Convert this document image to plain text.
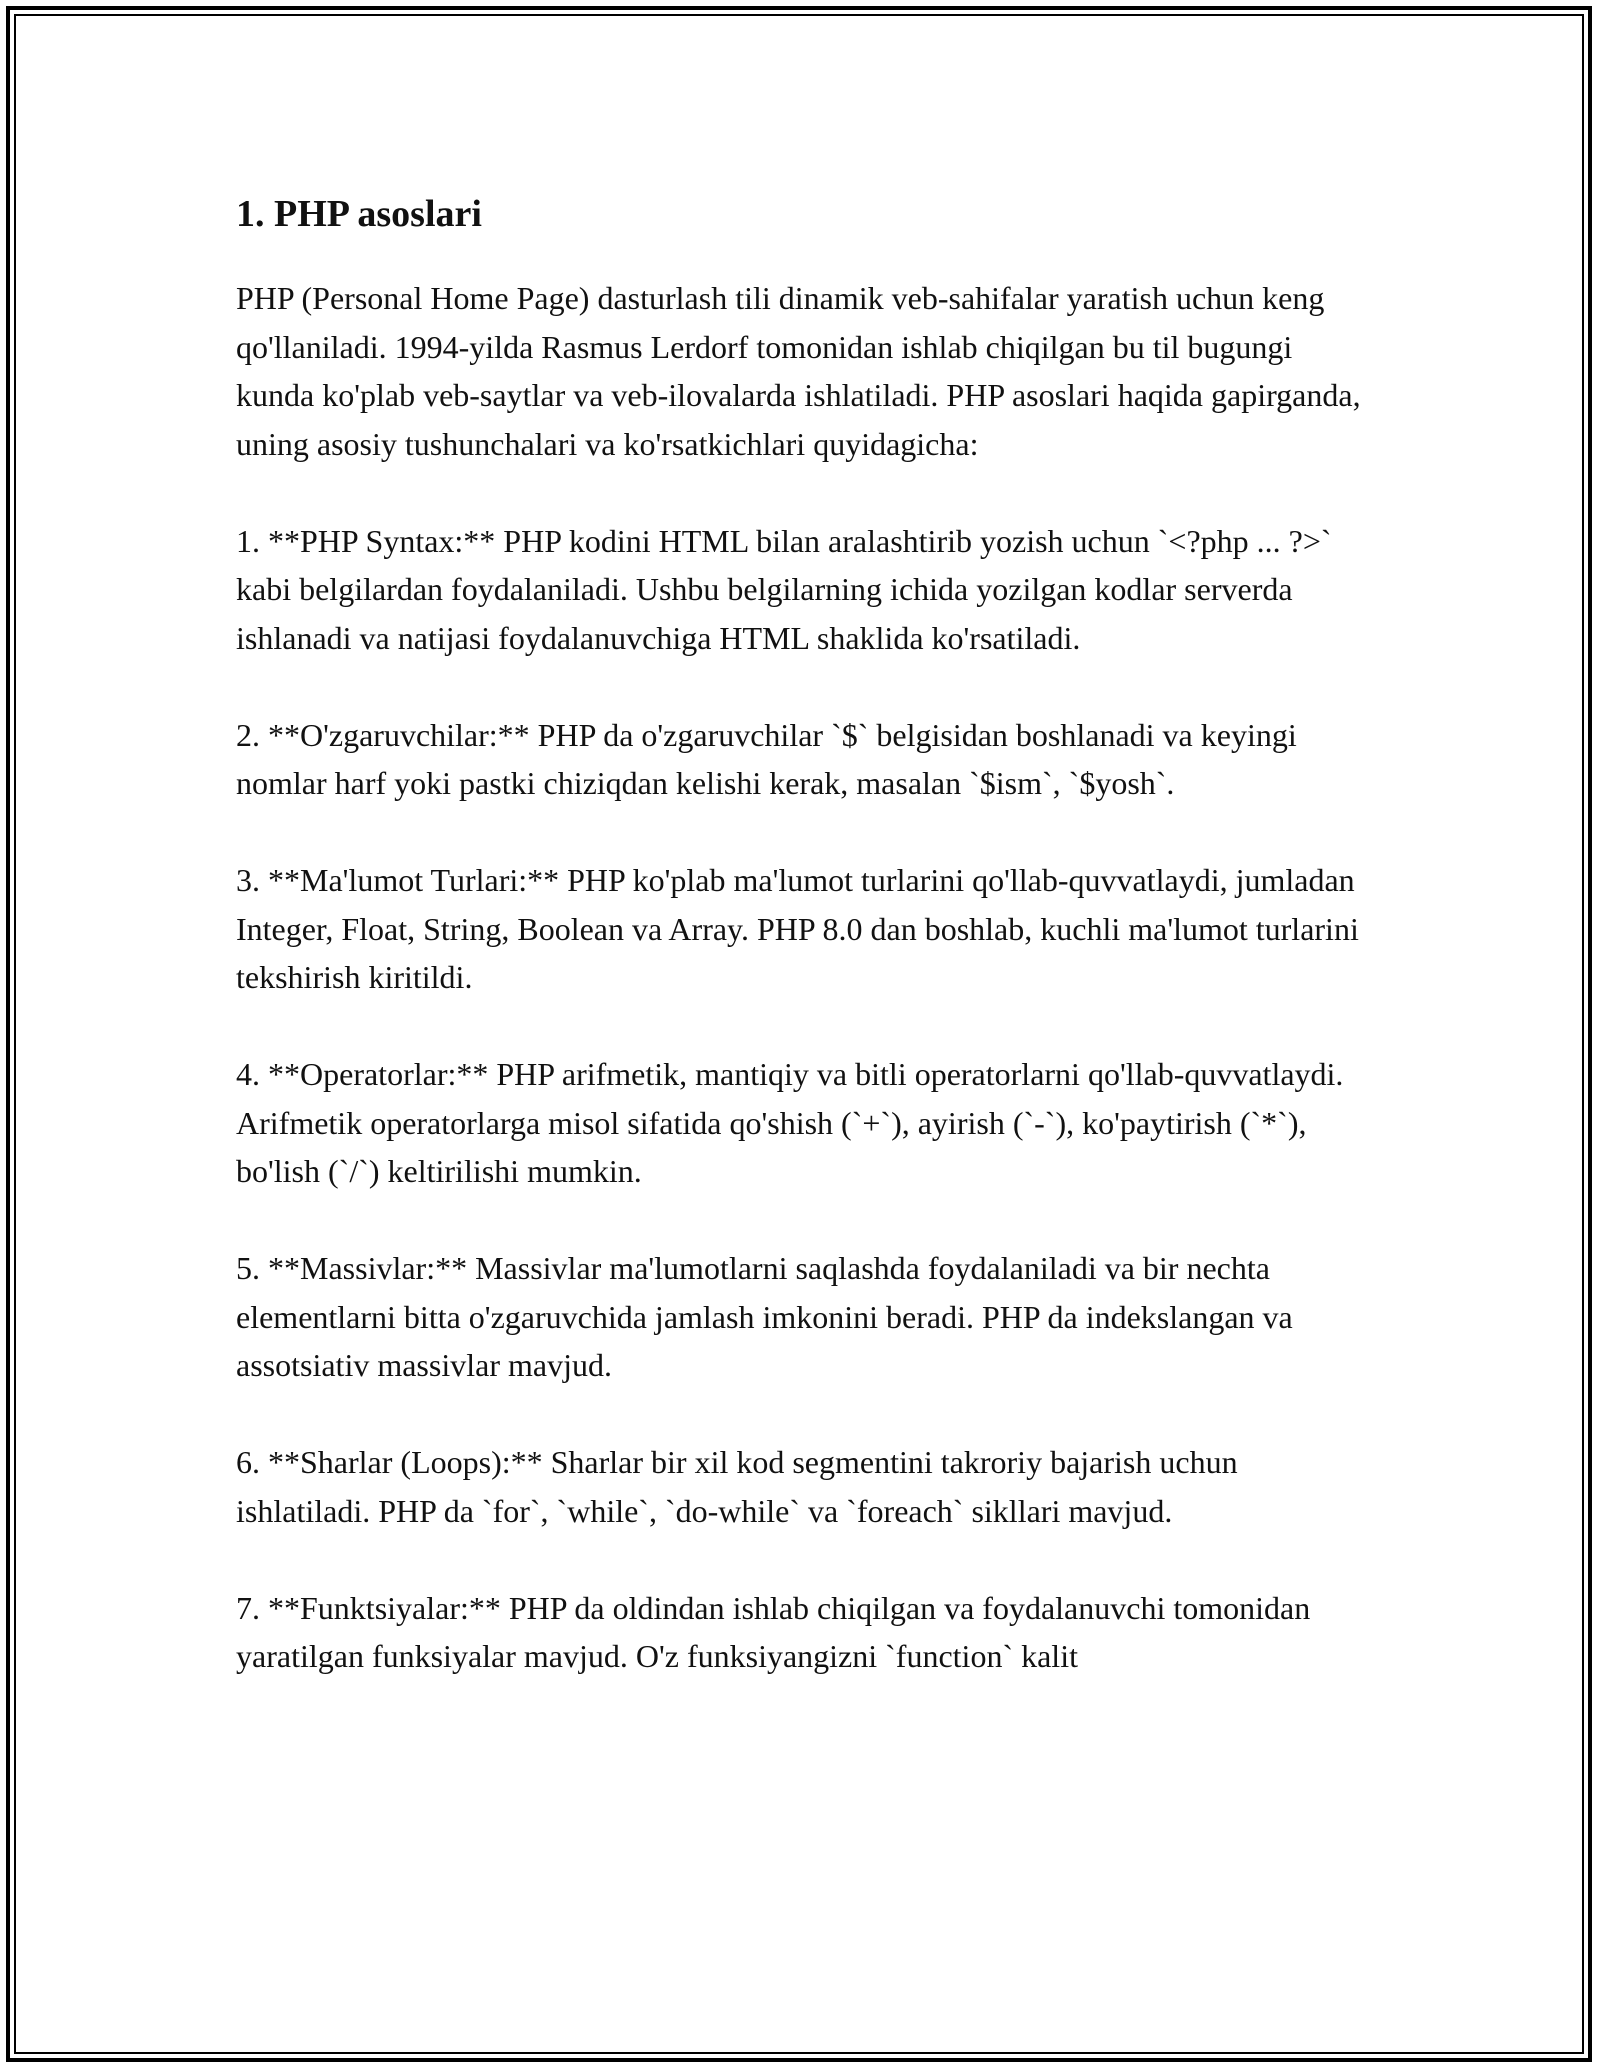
1. PHP asoslari

PHP (Personal Home Page) dasturlash tili dinamik veb-sahifalar yaratish uchun keng qo'llaniladi. 1994-yilda Rasmus Lerdorf tomonidan ishlab chiqilgan bu til bugungi kunda ko'plab veb-saytlar va veb-ilovalarda ishlatiladi. PHP asoslari haqida gapirganda, uning asosiy tushunchalari va ko'rsatkichlari quyidagicha:

1. **PHP Syntax:** PHP kodini HTML bilan aralashtirib yozish uchun `<?php ... ?>` kabi belgilardan foydalaniladi. Ushbu belgilarning ichida yozilgan kodlar serverda ishlanadi va natijasi foydalanuvchiga HTML shaklida ko'rsatiladi.

2. **O'zgaruvchilar:** PHP da o'zgaruvchilar `$` belgisidan boshlanadi va keyingi nomlar harf yoki pastki chiziqdan kelishi kerak, masalan `$ism`, `$yosh`.

3. **Ma'lumot Turlari:** PHP ko'plab ma'lumot turlarini qo'llab-quvvatlaydi, jumladan Integer, Float, String, Boolean va Array. PHP 8.0 dan boshlab, kuchli ma'lumot turlarini tekshirish kiritildi.

4. **Operatorlar:** PHP arifmetik, mantiqiy va bitli operatorlarni qo'llab-quvvatlaydi. Arifmetik operatorlarga misol sifatida qo'shish (`+`), ayirish (`-`), ko'paytirish (`*`), bo'lish (`/`) keltirilishi mumkin.

5. **Massivlar:** Massivlar ma'lumotlarni saqlashda foydalaniladi va bir nechta elementlarni bitta o'zgaruvchida jamlash imkonini beradi. PHP da indekslangan va assotsiativ massivlar mavjud.

6. **Sharlar (Loops):** Sharlar bir xil kod segmentini takroriy bajarish uchun ishlatiladi. PHP da `for`, `while`, `do-while` va `foreach` sikllari mavjud.

7. **Funktsiyalar:** PHP da oldindan ishlab chiqilgan va foydalanuvchi tomonidan yaratilgan funksiyalar mavjud. O'z funksiyangizni `function` kalit
